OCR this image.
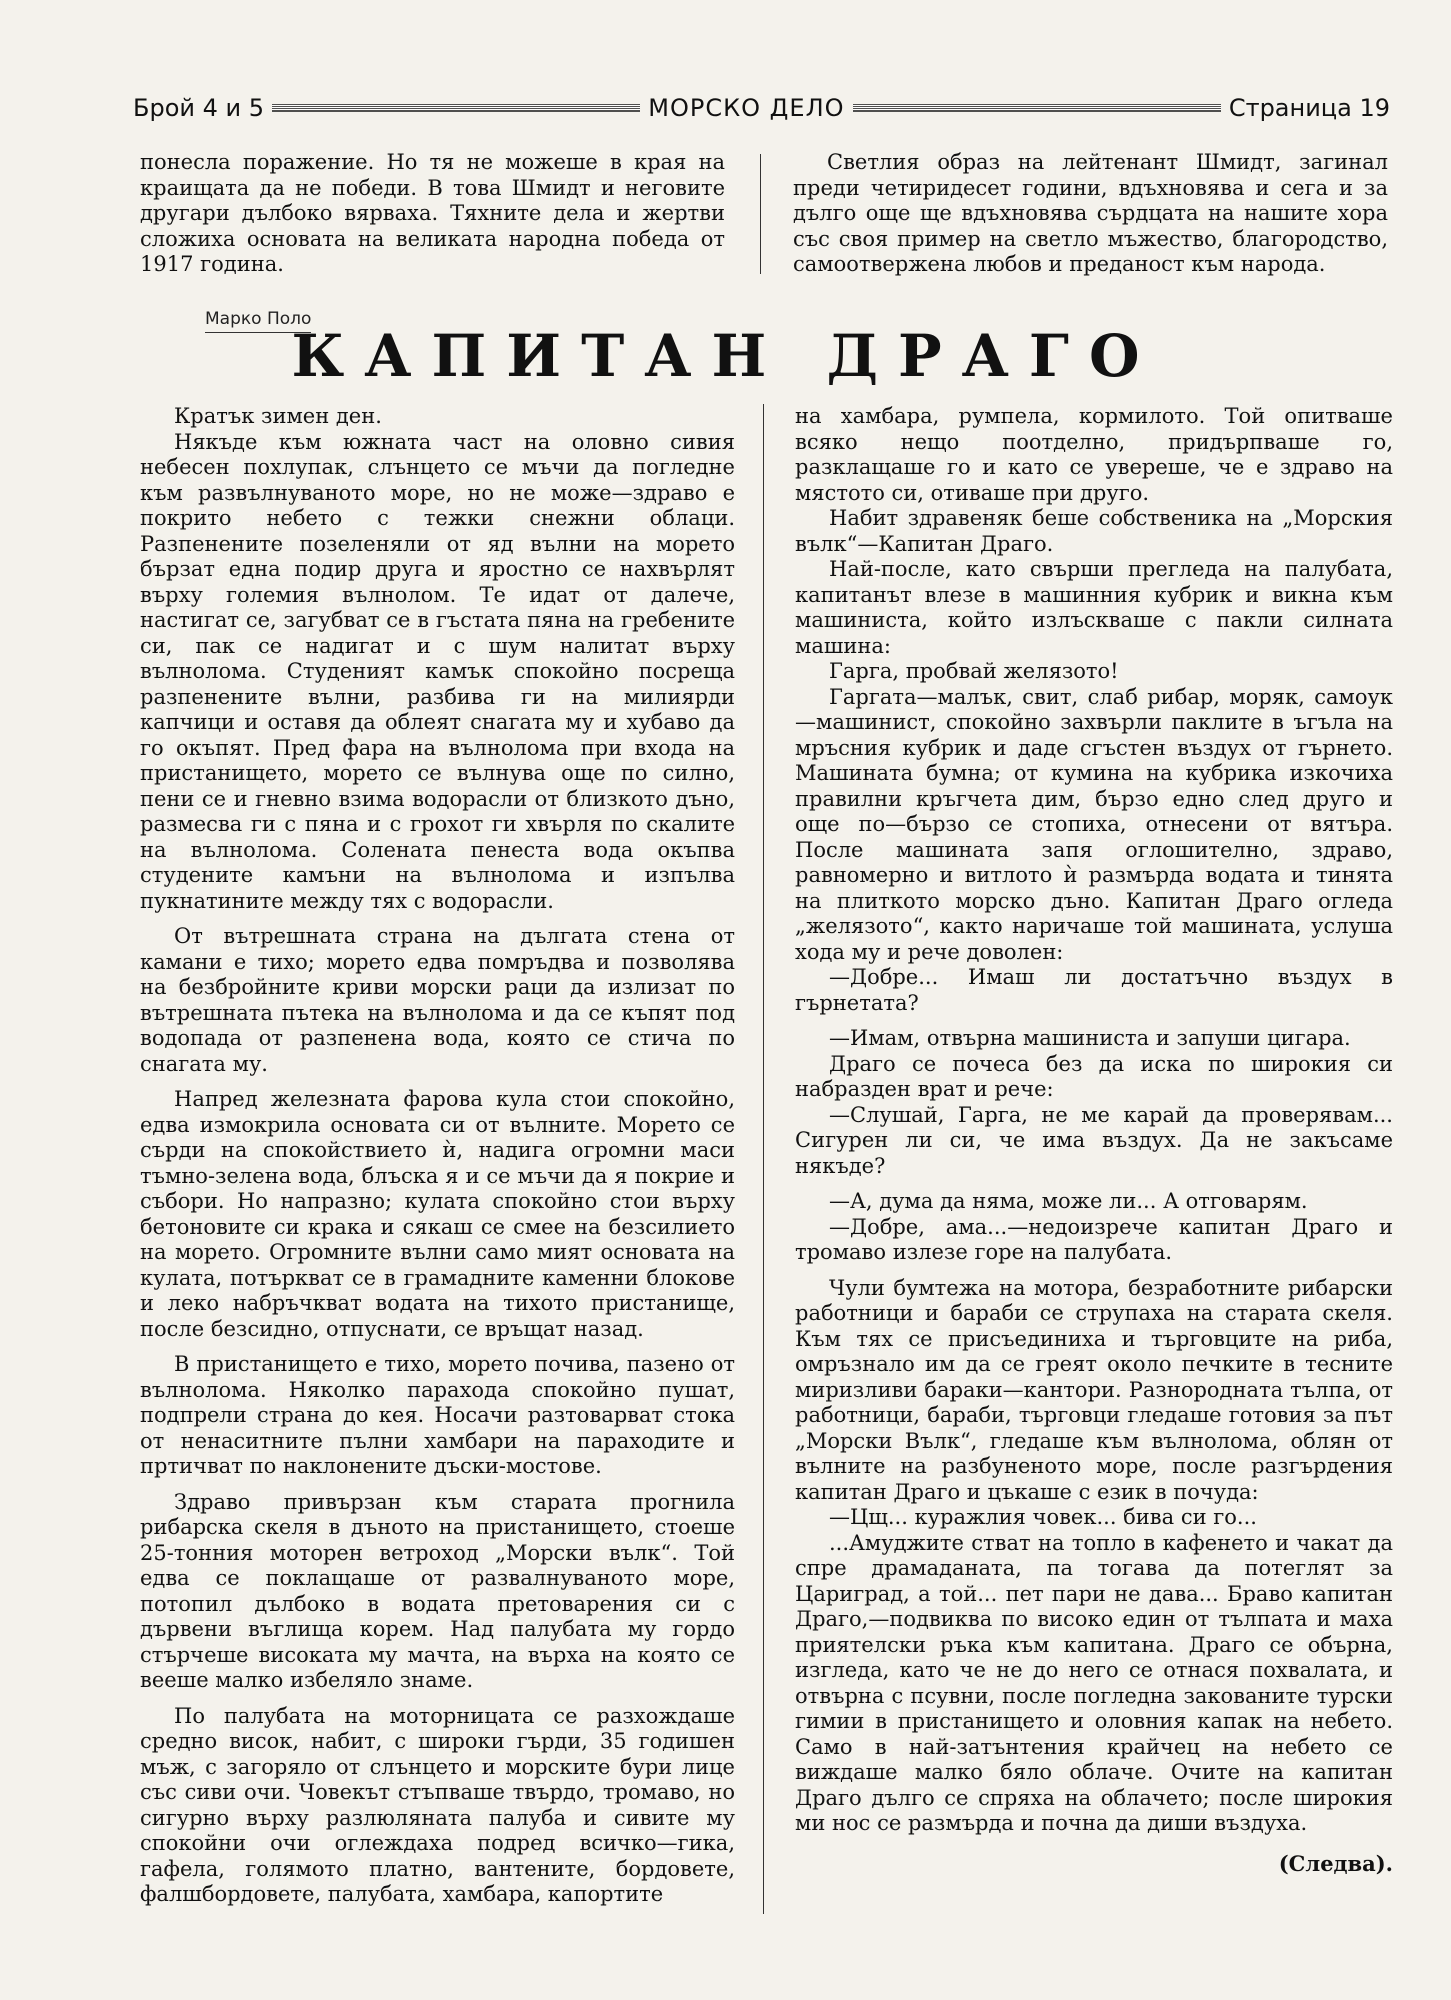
Брой 4 и 5	МОРСКО ДЕЛО	Страница 19

понесла поражение. Но тя не можеше в края на краищата да не победи. В това Шмидт и неговите другари дълбоко вярваха. Тяхните дела и жертви сложиха основата на великата народна победа от 1917 година.

Светлия образ на лейтенант Шмидт, загинал преди четиридесет години, вдъхновява и сега и за дълго още ще вдъхновява сърдцата на нашите хора със своя пример на светло мъжество, благородство, самоотвержена любов и преданост към народа.

Марко Поло
КАПИТАН ДРАГО

Кратък зимен ден.

Някъде към южната част на оловно сивия небесен похлупак, слънцето се мъчи да погледне към развълнуваното море, но не може—здраво е покрито небето с тежки снежни облаци. Разпенените позеленяли от яд вълни на морето бързат една подир друга и яростно се нахвърлят върху големия вълнолом. Те идат от далече, настигат се, загубват се в гъстата пяна на гребените си, пак се надигат и с шум налитат върху вълнолома. Студеният камък спокойно посреща разпенените вълни, разбива ги на милиярди капчици и оставя да облеят снагата му и хубаво да го окъпят. Пред фара на вълнолома при входа на пристанището, морето се вълнува още по силно, пени се и гневно взима водорасли от близкото дъно, размесва ги с пяна и с грохот ги хвърля по скалите на вълнолома. Солената пенеста вода окъпва студените камъни на вълнолома и изпълва пукнатините между тях с водорасли.

От вътрешната страна на дългата стена от камани е тихо; морето едва помръдва и позволява на безбройните криви морски раци да излизат по вътрешната пътека на вълнолома и да се къпят под водопада от разпенена вода, която се стича по снагата му.

Напред железната фарова кула стои спокойно, едва измокрила основата си от вълните. Морето се сърди на спокойствието ѝ, надига огромни маси тъмно-зелена вода, блъска я и се мъчи да я покрие и събори. Но напразно; кулата спокойно стои върху бетоновите си крака и сякаш се смее на безсилието на морето. Огромните вълни само мият основата на кулата, потъркват се в грамадните каменни блокове и леко набръчкват водата на тихото пристанище, после безсидно, отпуснати, се връщат назад.

В пристанището е тихо, морето почива, пазено от вълнолома. Няколко парахода спокойно пушат, подпрели страна до кея. Носачи разтоварват стока от ненаситните пълни хамбари на параходите и пртичват по наклонените дъски-мостове.

Здраво привързан към старата прогнила рибарска скеля в дъното на пристанището, стоеше 25-тонния моторен ветроход „Морски вълк“. Той едва се поклащаше от развалнуваното море, потопил дълбоко в водата претоварения си с дървени въглища корем. Над палубата му гордо стърчеше високата му мачта, на върха на която се вееше малко избеляло знаме.

По палубата на моторницата се разхождаше средно висок, набит, с широки гърди, 35 годишен мъж, с загоряло от слънцето и морските бури лице със сиви очи. Човекът стъпваше твърдо, тромаво, но сигурно върху разлюляната палуба и сивите му спокойни очи оглеждаха подред всичко—гика, гафела, голямото платно, вантените, бордовете, фалшбордовете, палубата, хамбара, капортите

на хамбара, румпела, кормилото. Той опитваше всяко нещо поотделно, придърпваше го, разклащаше го и като се увереше, че е здраво на мястото си, отиваше при друго.

Набит здравеняк беше собственика на „Морския вълк“—Капитан Драго.

Най-после, като свърши прегледа на палубата, капитанът влезе в машинния кубрик и викна към машиниста, който излъскваше с пакли силната машина:

Гарга, пробвай желязото!

Гаргата—малък, свит, слаб рибар, моряк, самоук—машинист, спокойно захвърли паклите в ъгъла на мръсния кубрик и даде сгъстен въздух от гърнето. Машината бумна; от кумина на кубрика изкочиха правилни кръгчета дим, бързо едно след друго и още по—бързо се стопиха, отнесени от вятъра. После машината запя оглошително, здраво, равномерно и витлото ѝ размърда водата и тинята на плиткото морско дъно. Капитан Драго огледа „желязото“, както наричаше той машината, услуша хода му и рече доволен:

—Добре... Имаш ли достатъчно въздух в гърнетата?

—Имам, отвърна машиниста и запуши цигара.

Драго се почеса без да иска по широкия си набразден врат и рече:

—Слушай, Гарга, не ме карай да проверявам... Сигурен ли си, че има въздух. Да не закъсаме някъде?

—А, дума да няма, може ли... А отговарям.

—Добре, ама...—недоизрече капитан Драго и тромаво излезе горе на палубата.

Чули бумтежа на мотора, безработните рибарски работници и бараби се струпаха на старата скеля. Към тях се присъединиха и търговците на риба, омръзнало им да се греят около печките в тесните миризливи бараки—кантори. Разнородната тълпа, от работници, бараби, търговци гледаше готовия за път „Морски Вълк“, гледаше към вълнолома, облян от вълните на разбуненото море, после разгърдения капитан Драго и цъкаше с език в почуда:

—Цщ... куражлия човек... бива си го...

...Амуджите стват на топло в кафенето и чакат да спре драмаданата, па тогава да потеглят за Цариград, а той... пет пари не дава... Браво капитан Драго,—подвиква по високо един от тълпата и маха приятелски ръка към капитана. Драго се обърна, изгледа, като че не до него се отнася похвалата, и отвърна с псувни, после погледна закованите турски гимии в пристанището и оловния капак на небето. Само в най-затънтения крайчец на небето се виждаше малко бяло облаче. Очите на капитан Драго дълго се спряха на облачето; после широкия ми нос се размърда и почна да диши въздуха.

(Следва).
